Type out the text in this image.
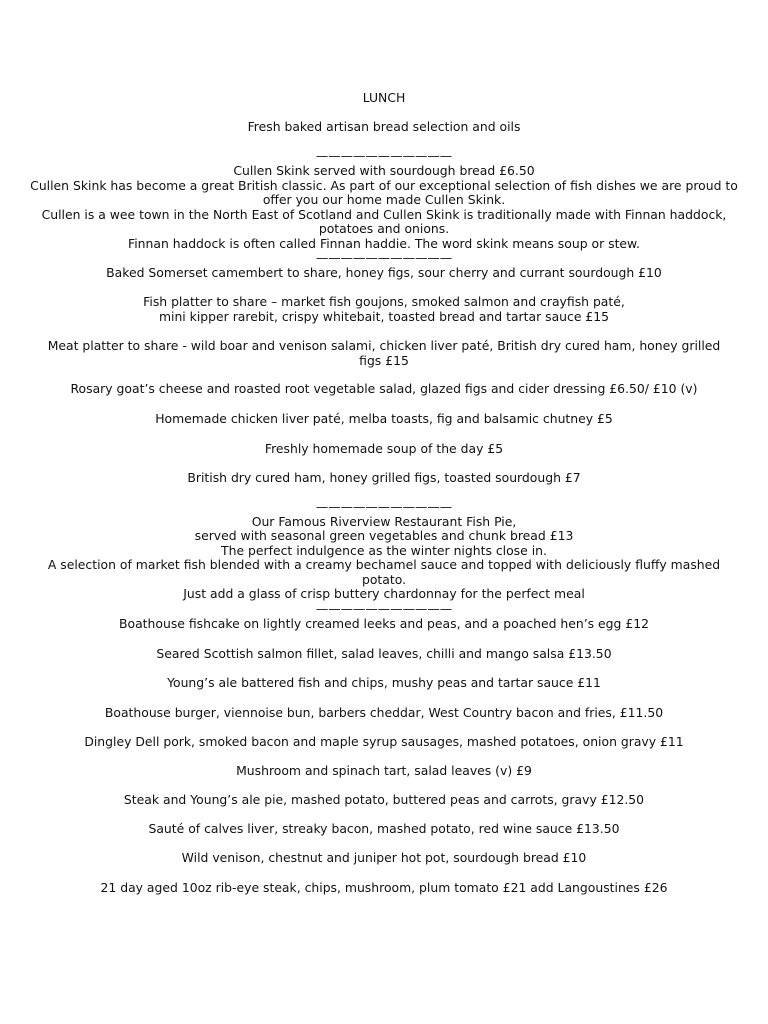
LUNCH
Fresh baked artisan bread selection and oils
———————————
Cullen Skink served with sourdough bread £6.50
Cullen Skink has become a great British classic. As part of our exceptional selection of fish dishes we are proud to
offer you our home made Cullen Skink.
Cullen is a wee town in the North East of Scotland and Cullen Skink is traditionally made with Finnan haddock,
potatoes and onions.
Finnan haddock is often called Finnan haddie. The word skink means soup or stew.
———————————
Baked Somerset camembert to share, honey figs, sour cherry and currant sourdough £10
Fish platter to share – market fish goujons, smoked salmon and crayfish paté,
mini kipper rarebit, crispy whitebait, toasted bread and tartar sauce £15
Meat platter to share - wild boar and venison salami, chicken liver paté, British dry cured ham, honey grilled
figs £15
Rosary goat’s cheese and roasted root vegetable salad, glazed figs and cider dressing £6.50/ £10 (v)
Homemade chicken liver paté, melba toasts, fig and balsamic chutney £5
Freshly homemade soup of the day £5
British dry cured ham, honey grilled figs, toasted sourdough £7
———————————
Our Famous Riverview Restaurant Fish Pie,
served with seasonal green vegetables and chunk bread £13
The perfect indulgence as the winter nights close in.
A selection of market fish blended with a creamy bechamel sauce and topped with deliciously fluffy mashed
potato.
Just add a glass of crisp buttery chardonnay for the perfect meal
———————————
Boathouse fishcake on lightly creamed leeks and peas, and a poached hen’s egg £12
Seared Scottish salmon fillet, salad leaves, chilli and mango salsa £13.50
Young’s ale battered fish and chips, mushy peas and tartar sauce £11
Boathouse burger, viennoise bun, barbers cheddar, West Country bacon and fries, £11.50
Dingley Dell pork, smoked bacon and maple syrup sausages, mashed potatoes, onion gravy £11
Mushroom and spinach tart, salad leaves (v) £9
Steak and Young’s ale pie, mashed potato, buttered peas and carrots, gravy £12.50
Sauté of calves liver, streaky bacon, mashed potato, red wine sauce £13.50
Wild venison, chestnut and juniper hot pot, sourdough bread £10
21 day aged 10oz rib-eye steak, chips, mushroom, plum tomato £21 add Langoustines £26
